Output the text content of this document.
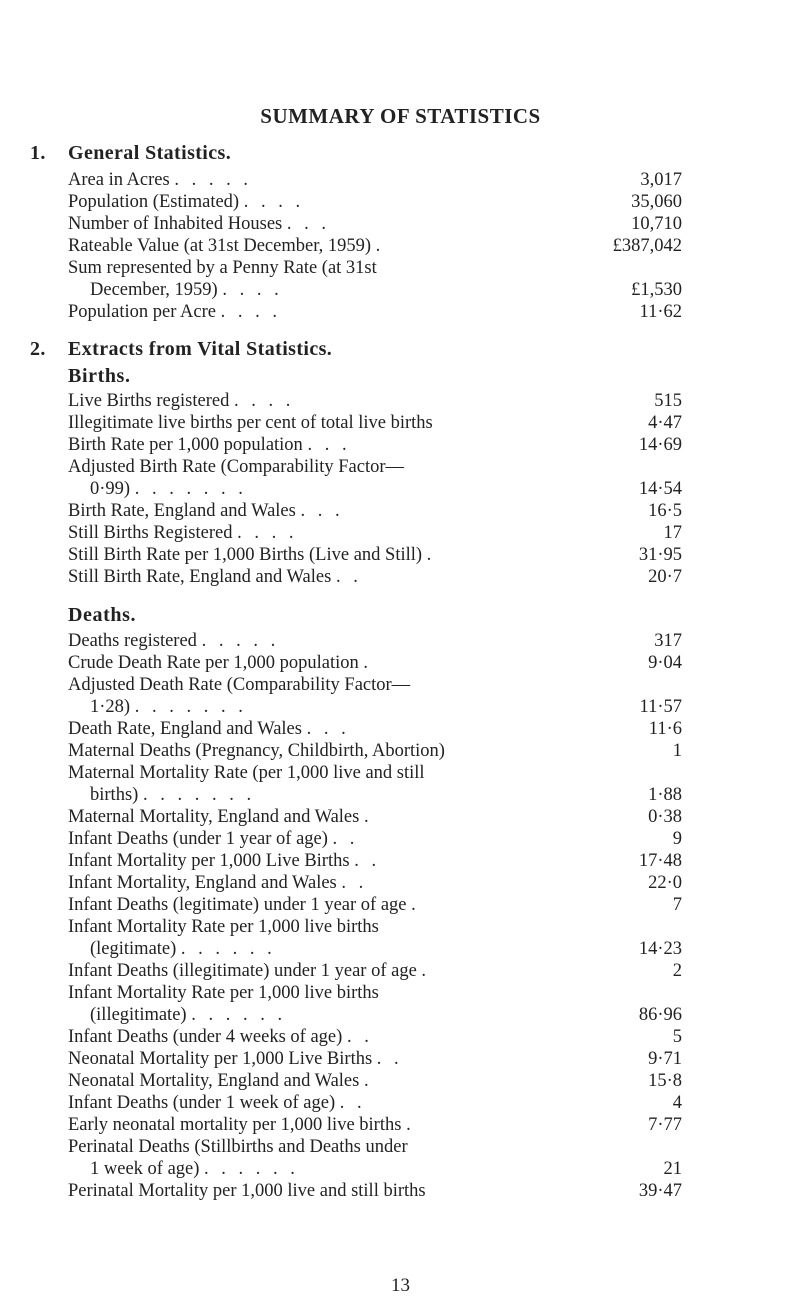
SUMMARY OF STATISTICS
1. General Statistics.
Area in Acres . . . . .	3,017
Population (Estimated) . . . .	35,060
Number of Inhabited Houses . . .	10,710
Rateable Value (at 31st December, 1959) .	£387,042
Sum represented by a Penny Rate (at 31st
December, 1959) . . . .	£1,530
Population per Acre . . . .	11·62
2. Extracts from Vital Statistics.
Births.
Live Births registered . . . .	515
Illegitimate live births per cent of total live births	4·47
Birth Rate per 1,000 population . . .	14·69
Adjusted Birth Rate (Comparability Factor—
0·99) . . . . . . .	14·54
Birth Rate, England and Wales . . .	16·5
Still Births Registered . . . .	17
Still Birth Rate per 1,000 Births (Live and Still) .	31·95
Still Birth Rate, England and Wales . .	20·7
Deaths.
Deaths registered . . . . .	317
Crude Death Rate per 1,000 population .	9·04
Adjusted Death Rate (Comparability Factor—
1·28) . . . . . . .	11·57
Death Rate, England and Wales . . .	11·6
Maternal Deaths (Pregnancy, Childbirth, Abortion)	1
Maternal Mortality Rate (per 1,000 live and still
births) . . . . . . .	1·88
Maternal Mortality, England and Wales .	0·38
Infant Deaths (under 1 year of age) . .	9
Infant Mortality per 1,000 Live Births . .	17·48
Infant Mortality, England and Wales . .	22·0
Infant Deaths (legitimate) under 1 year of age .	7
Infant Mortality Rate per 1,000 live births
(legitimate) . . . . . .	14·23
Infant Deaths (illegitimate) under 1 year of age .	2
Infant Mortality Rate per 1,000 live births
(illegitimate) . . . . . .	86·96
Infant Deaths (under 4 weeks of age) . .	5
Neonatal Mortality per 1,000 Live Births . .	9·71
Neonatal Mortality, England and Wales .	15·8
Infant Deaths (under 1 week of age) . .	4
Early neonatal mortality per 1,000 live births .	7·77
Perinatal Deaths (Stillbirths and Deaths under
1 week of age) . . . . . .	21
Perinatal Mortality per 1,000 live and still births	39·47
13
